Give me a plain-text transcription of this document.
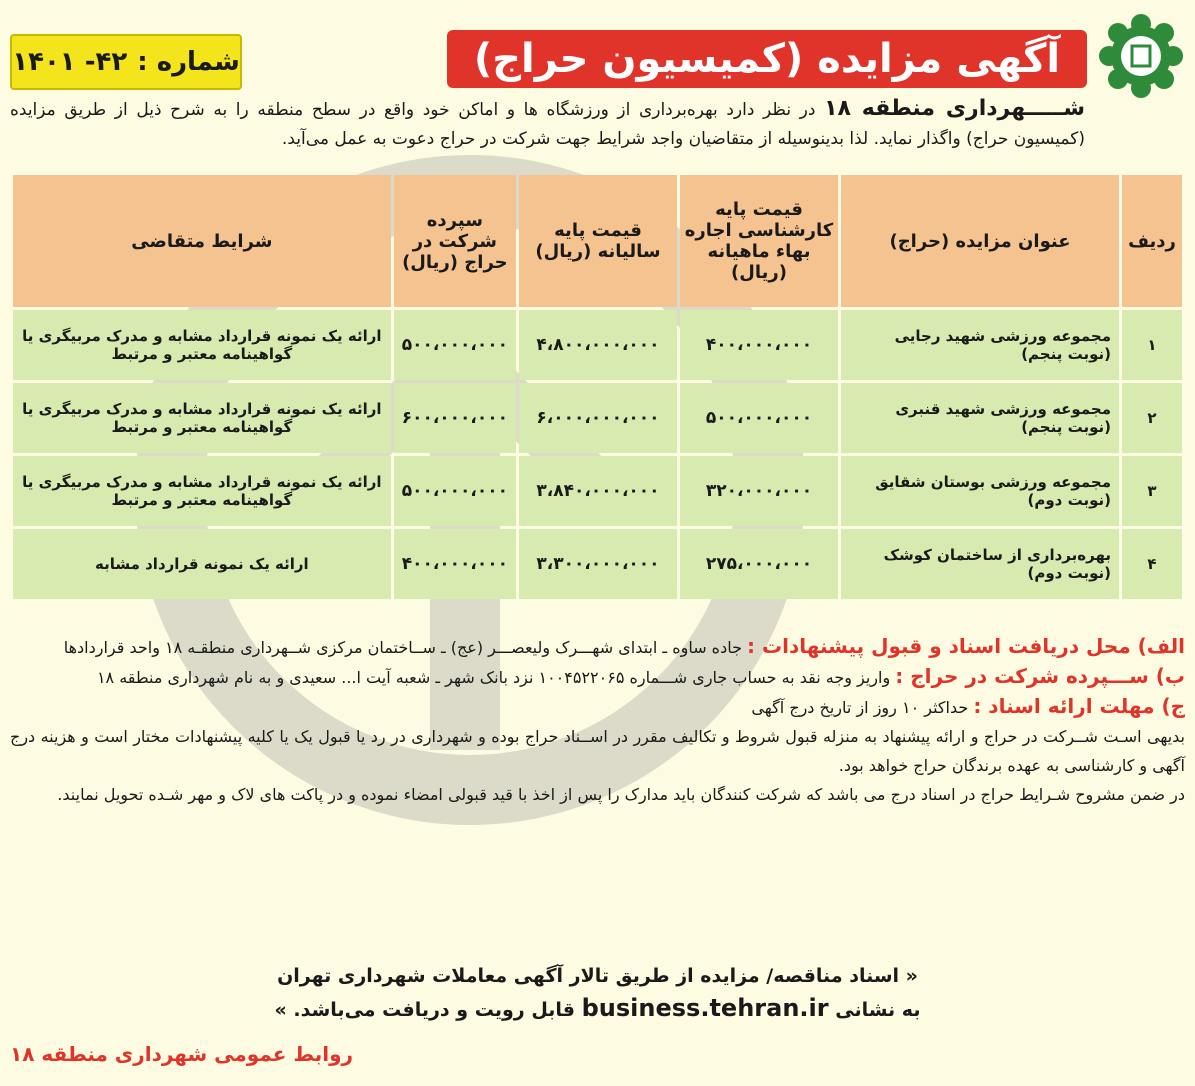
آگهی مزایده (کمیسیون حراج)
شماره :
۴۲- ۱۴۰۱
شـــــهرداری منطقه ۱۸ در نظر دارد بهره‌برداری از ورزشگاه ها و اماکن خود واقع در سطح منطقه را به شرح ذیل از طریق مزایده (کمیسیون حراج) واگذار نماید. لذا بدینوسیله از متقاضیان واجد شرایط جهت شرکت در حراج دعوت به عمل می‌آید.
ردیف	عنوان مزایده (حراج)	قیمت پایه کارشناسی اجاره بهاء ماهیانه (ریال)	قیمت پایه سالیانه (ریال)	سپرده شرکت در حراج (ریال)	شرایط متقاضی
۱	مجموعه ورزشی شهید رجایی (نوبت پنجم)	۴۰۰،۰۰۰،۰۰۰	۴،۸۰۰،۰۰۰،۰۰۰	۵۰۰،۰۰۰،۰۰۰	ارائه یک نمونه قرارداد مشابه و مدرک مربیگری یا گواهینامه معتبر و مرتبط
۲	مجموعه ورزشی شهید قنبری (نوبت پنجم)	۵۰۰،۰۰۰،۰۰۰	۶،۰۰۰،۰۰۰،۰۰۰	۶۰۰،۰۰۰،۰۰۰	ارائه یک نمونه قرارداد مشابه و مدرک مربیگری یا گواهینامه معتبر و مرتبط
۳	مجموعه ورزشی بوستان شقایق (نوبت دوم)	۳۲۰،۰۰۰،۰۰۰	۳،۸۴۰،۰۰۰،۰۰۰	۵۰۰،۰۰۰،۰۰۰	ارائه یک نمونه قرارداد مشابه و مدرک مربیگری یا گواهینامه معتبر و مرتبط
۴	بهره‌برداری از ساختمان کوشک (نوبت دوم)	۲۷۵،۰۰۰،۰۰۰	۳،۳۰۰،۰۰۰،۰۰۰	۴۰۰،۰۰۰،۰۰۰	ارائه یک نمونه قرارداد مشابه

الف) محل دریافت اسناد و قبول پیشنهادات : جاده ساوه ـ ابتدای شهـــرک ولیعصـــر (عج) ـ ســاختمان مرکزی شــهرداری منطقـه ۱۸ واحد قراردادها

ب) ســـپرده شرکت در حراج : واریز وجه نقد به حساب جاری شـــماره ۱۰۰۴۵۲۲۰۶۵ نزد بانک شهر ـ شعبه آیت ا... سعیدی و به نام شهرداری منطقه ۱۸

ج) مهلت ارائه اسناد : حداکثر ۱۰ روز از تاریخ درج آگهی

بدیهی اسـت شــرکت در حراج و ارائه پیشنهاد به منزله قبول شروط و تکالیف مقرر در اســناد حراج بوده و شهرداری در رد یا قبول یک یا کلیه پیشنهادات مختار است و هزینه درج آگهی و کارشناسی به عهده برندگان حراج خواهد بود.

در ضمن مشروح شـرایط حراج در اسناد درج می باشد که شرکت کنندگان باید مدارک را پس از اخذ با قید قبولی امضاء نموده و در پاکت های لاک و مهر شـده تحویل نمایند.

« اسناد مناقصه/ مزایده از طریق تالار آگهی معاملات شهرداری تهران
به نشانی business.tehran.ir قابل رویت و دریافت می‌باشد. »
روابط عمومی شهرداری منطقه ۱۸
